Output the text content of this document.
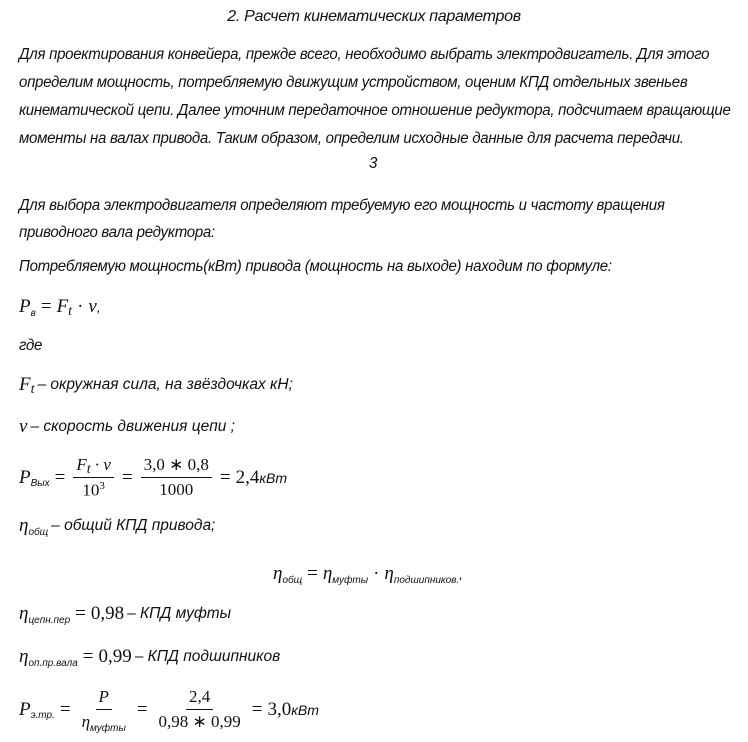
2. Расчет кинематических параметров
Для проектирования конвейера, прежде всего, необходимо выбрать электродвигатель. Для этого
определим мощность, потребляемую движущим устройством, оценим КПД отдельных звеньев
кинематической цепи. Далее уточним передаточное отношение редуктора, подсчитаем вращающие
моменты на валах привода. Таким образом, определим исходные данные для расчета передачи.
3
Для выбора электродвигателя определяют требуемую его мощность и частоту вращения
приводного вала редуктора:
Потребляемую мощность(кВт) привода (мощность на выходе) находим по формуле:
P в = F t · ν ,
где
F t – окружная сила, на звёздочках кН;
ν – скорость движения цепи ;
P Вых = $\frac{Ft \cdot \nu}{10^3} = \frac{3,0 ∗ 0,8}{1000} = 2,4$ кВт
η общ – общий КПД привода;
η общ = η муфты · η подшипников. ,
η цепн.пер = 0,98 – КПД муфты
η оп.пр.вала = 0,99 – КПД подшипников
P э.тр. = $\frac{P}{\eta_{муфты}} = \frac{2,4}{0,98 ∗ 0,99} = 3,0$ кВт
